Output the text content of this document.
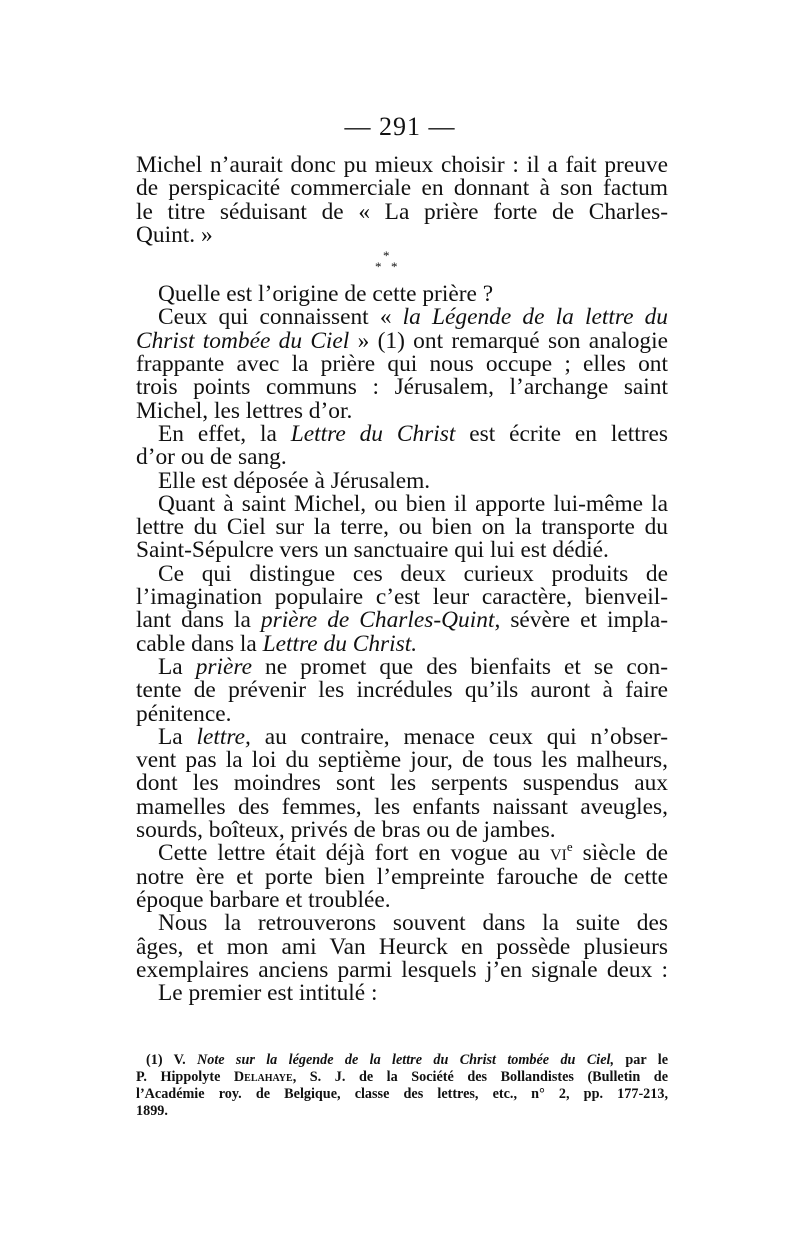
— 291 —
Michel n’aurait donc pu mieux choisir : il a fait preuve
de perspicacité commerciale en donnant à son factum
le titre séduisant de « La prière forte de Charles-
Quint. »
*
* *
Quelle est l’origine de cette prière ?
Ceux qui connaissent « la Légende de la lettre du
Christ tombée du Ciel » (1) ont remarqué son analogie
frappante avec la prière qui nous occupe ; elles ont
trois points communs : Jérusalem, l’archange saint
Michel, les lettres d’or.
En effet, la Lettre du Christ est écrite en lettres
d’or ou de sang.
Elle est déposée à Jérusalem.
Quant à saint Michel, ou bien il apporte lui-même la
lettre du Ciel sur la terre, ou bien on la transporte du
Saint-Sépulcre vers un sanctuaire qui lui est dédié.
Ce qui distingue ces deux curieux produits de
l’imagination populaire c’est leur caractère, bienveil-
lant dans la prière de Charles-Quint, sévère et impla-
cable dans la Lettre du Christ.
La prière ne promet que des bienfaits et se con-
tente de prévenir les incrédules qu’ils auront à faire
pénitence.
La lettre, au contraire, menace ceux qui n’obser-
vent pas la loi du septième jour, de tous les malheurs,
dont les moindres sont les serpents suspendus aux
mamelles des femmes, les enfants naissant aveugles,
sourds, boîteux, privés de bras ou de jambes.
Cette lettre était déjà fort en vogue au $vi^e$ siècle de
notre ère et porte bien l’empreinte farouche de cette
époque barbare et troublée.
Nous la retrouverons souvent dans la suite des
âges, et mon ami Van Heurck en possède plusieurs
exemplaires anciens parmi lesquels j’en signale deux :
Le premier est intitulé :
(1) V. Note sur la légende de la lettre du Christ tombée du Ciel, par le
P. Hippolyte Delahaye, S. J. de la Société des Bollandistes (Bulletin de
l’Académie roy. de Belgique, classe des lettres, etc., n° 2, pp. 177-213,
1899.
